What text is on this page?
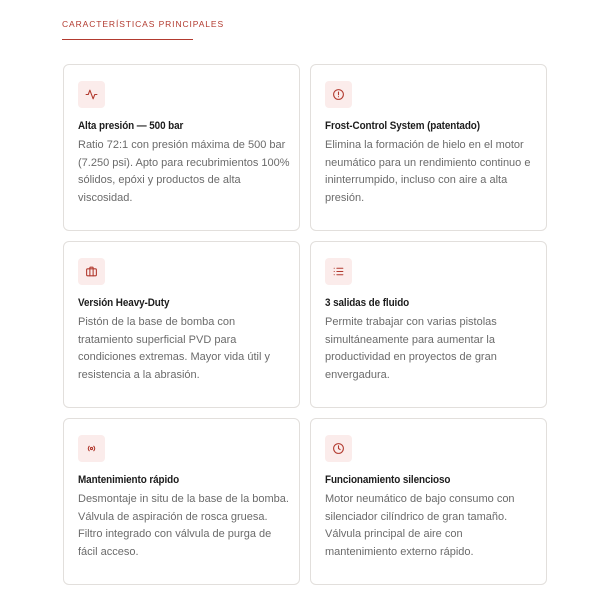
CARACTERÍSTICAS PRINCIPALES
Alta presión — 500 bar
Ratio 72:1 con presión máxima de 500 bar (7.250 psi). Apto para recubrimientos 100% sólidos, epóxi y productos de alta viscosidad.
Frost-Control System (patentado)
Elimina la formación de hielo en el motor neumático para un rendimiento continuo e ininterrumpido, incluso con aire a alta presión.
Versión Heavy-Duty
Pistón de la base de bomba con tratamiento superficial PVD para condiciones extremas. Mayor vida útil y resistencia a la abrasión.
3 salidas de fluido
Permite trabajar con varias pistolas simultáneamente para aumentar la productividad en proyectos de gran envergadura.
Mantenimiento rápido
Desmontaje in situ de la base de la bomba. Válvula de aspiración de rosca gruesa. Filtro integrado con válvula de purga de fácil acceso.
Funcionamiento silencioso
Motor neumático de bajo consumo con silenciador cilíndrico de gran tamaño. Válvula principal de aire con mantenimiento externo rápido.
